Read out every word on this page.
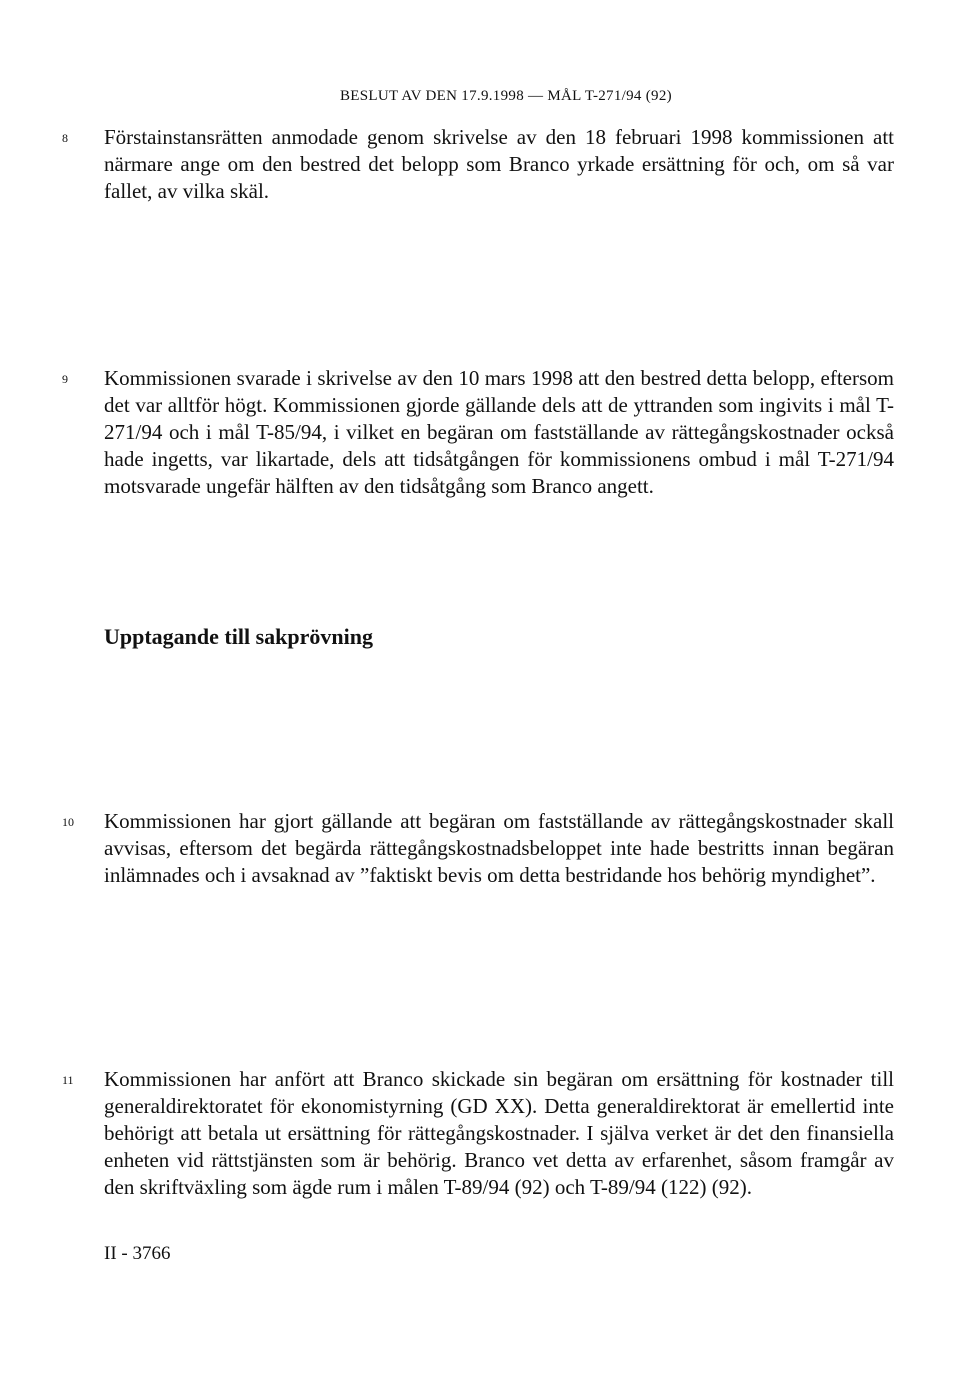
BESLUT AV DEN 17.9.1998 — MÅL T-271/94 (92)
8 Förstainstansrätten anmodade genom skrivelse av den 18 februari 1998 kommissionen att närmare ange om den bestred det belopp som Branco yrkade ersättning för och, om så var fallet, av vilka skäl.
9 Kommissionen svarade i skrivelse av den 10 mars 1998 att den bestred detta belopp, eftersom det var alltför högt. Kommissionen gjorde gällande dels att de yttranden som ingivits i mål T-271/94 och i mål T-85/94, i vilket en begäran om fastställande av rättegångskostnader också hade ingetts, var likartade, dels att tidsåtgången för kommissionens ombud i mål T-271/94 motsvarade ungefär hälften av den tidsåtgång som Branco angett.
Upptagande till sakprövning
10 Kommissionen har gjort gällande att begäran om fastställande av rättegångskostnader skall avvisas, eftersom det begärda rättegångskostnadsbeloppet inte hade bestritts innan begäran inlämnades och i avsaknad av ”faktiskt bevis om detta bestridande hos behörig myndighet”.
11 Kommissionen har anfört att Branco skickade sin begäran om ersättning för kostnader till generaldirektoratet för ekonomistyrning (GD XX). Detta generaldirektorat är emellertid inte behörigt att betala ut ersättning för rättegångskostnader. I själva verket är det den finansiella enheten vid rättstjänsten som är behörig. Branco vet detta av erfarenhet, såsom framgår av den skriftväxling som ägde rum i målen T-89/94 (92) och T-89/94 (122) (92).
II - 3766
